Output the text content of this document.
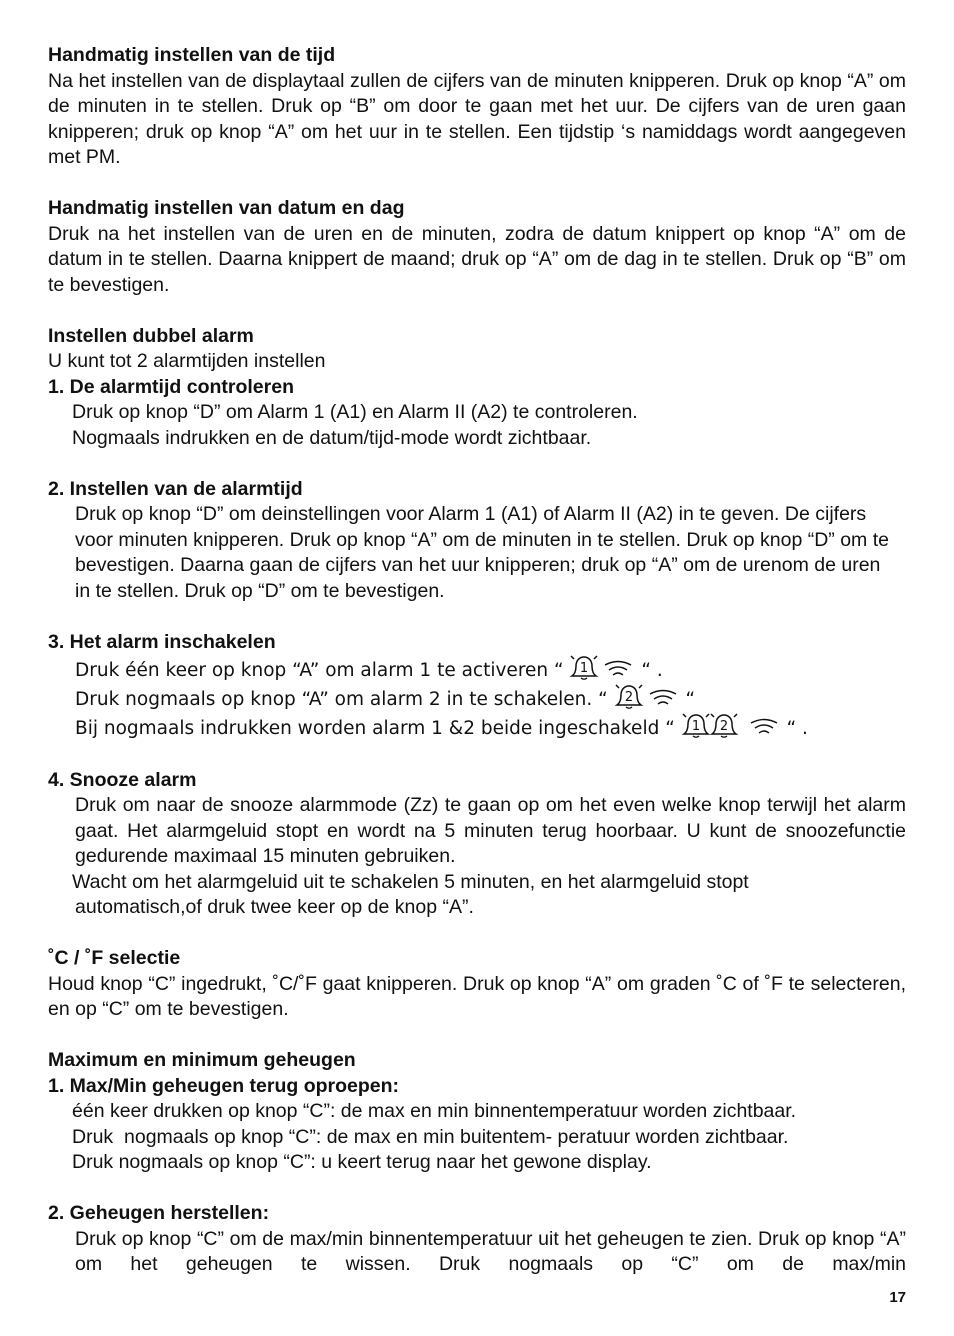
Handmatig instellen van de tijd

Na het instellen van de displaytaal zullen de cijfers van de minuten knipperen. Druk op knop “A” om de minuten in te stellen. Druk op “B” om door te gaan met het uur. De cijfers van de uren gaan knipperen; druk op knop “A” om het uur in te stellen. Een tijdstip ‘s namiddags wordt aangegeven met PM.

Handmatig instellen van datum en dag

Druk na het instellen van de uren en de minuten, zodra de datum knippert op knop “A” om de datum in te stellen. Daarna knippert de maand; druk op “A” om de dag in te stellen. Druk op “B” om te bevestigen.

Instellen dubbel alarm

U kunt tot 2 alarmtijden instellen

1. De alarmtijd controleren

Druk op knop “D” om Alarm 1 (A1) en Alarm II (A2) te controleren.

Nogmaals indrukken en de datum/tijd-mode wordt zichtbaar.

2. Instellen van de alarmtijd

Druk op knop “D” om deinstellingen voor Alarm 1 (A1) of Alarm II (A2) in te geven. De cijfers voor minuten knipperen. Druk op knop “A” om de minuten in te stellen. Druk op knop “D” om te bevestigen. Daarna gaan de cijfers van het uur knipperen; druk op “A” om de urenom de uren in te stellen. Druk op “D” om te bevestigen.

3. Het alarm inschakelen

Druk één keer op knop “A” om alarm 1 te activeren “ 1	“ .

Druk nogmaals op knop “A” om alarm 2 in te schakelen. “ 2	“

Bij nogmaals indrukken worden alarm 1 &2 beide ingeschakeld “ 1 2	“ .

4. Snooze alarm

Druk om naar de snooze alarmmode (Zz) te gaan op om het even welke knop terwijl het alarm gaat. Het alarmgeluid stopt en wordt na 5 minuten terug hoorbaar. U kunt de snoozefunctie gedurende maximaal 15 minuten gebruiken.

Wacht om het alarmgeluid uit te schakelen 5 minuten, en het alarmgeluid stopt

automatisch,of druk twee keer op de knop “A”.

˚C / ˚F selectie

Houd knop “C” ingedrukt, ˚C/˚F gaat knipperen. Druk op knop “A” om graden ˚C of ˚F te selecteren, en op “C” om te bevestigen.

Maximum en minimum geheugen

1. Max/Min geheugen terug oproepen:

één keer drukken op knop “C”: de max en min binnentemperatuur worden zichtbaar.

Druk  nogmaals op knop “C”: de max en min buitentem- peratuur worden zichtbaar.

Druk nogmaals op knop “C”: u keert terug naar het gewone display.

2. Geheugen herstellen:

Druk op knop “C” om de max/min binnentemperatuur uit het geheugen te zien. Druk op knop “A” om het geheugen te wissen. Druk nogmaals op “C” om de max/min

17
